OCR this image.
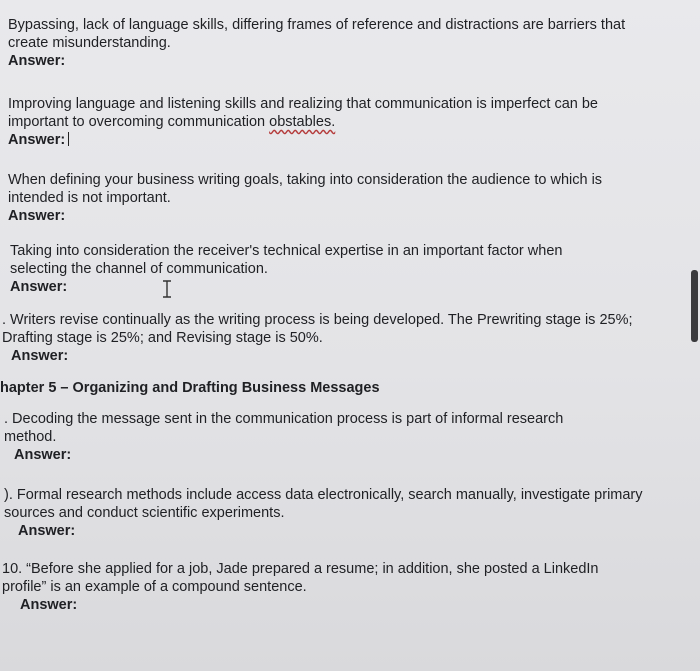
Bypassing, lack of language skills, differing frames of reference and distractions are barriers that create misunderstanding.
Answer:
Improving language and listening skills and realizing that communication is imperfect can be important to overcoming communication obstables.
Answer:
When defining your business writing goals, taking into consideration the audience to which is intended is not important.
Answer:
Taking into consideration the receiver's technical expertise in an important factor when selecting the channel of communication.
Answer:
. Writers revise continually as the writing process is being developed. The Prewriting stage is 25%; Drafting stage is 25%; and Revising stage is 50%.
Answer:
hapter 5 – Organizing and Drafting Business Messages
. Decoding the message sent in the communication process is part of informal research method.
Answer:
). Formal research methods include access data electronically, search manually, investigate primary sources and conduct scientific experiments.
Answer:
10. “Before she applied for a job, Jade prepared a resume; in addition, she posted a LinkedIn profile” is an example of a compound sentence.
Answer:
